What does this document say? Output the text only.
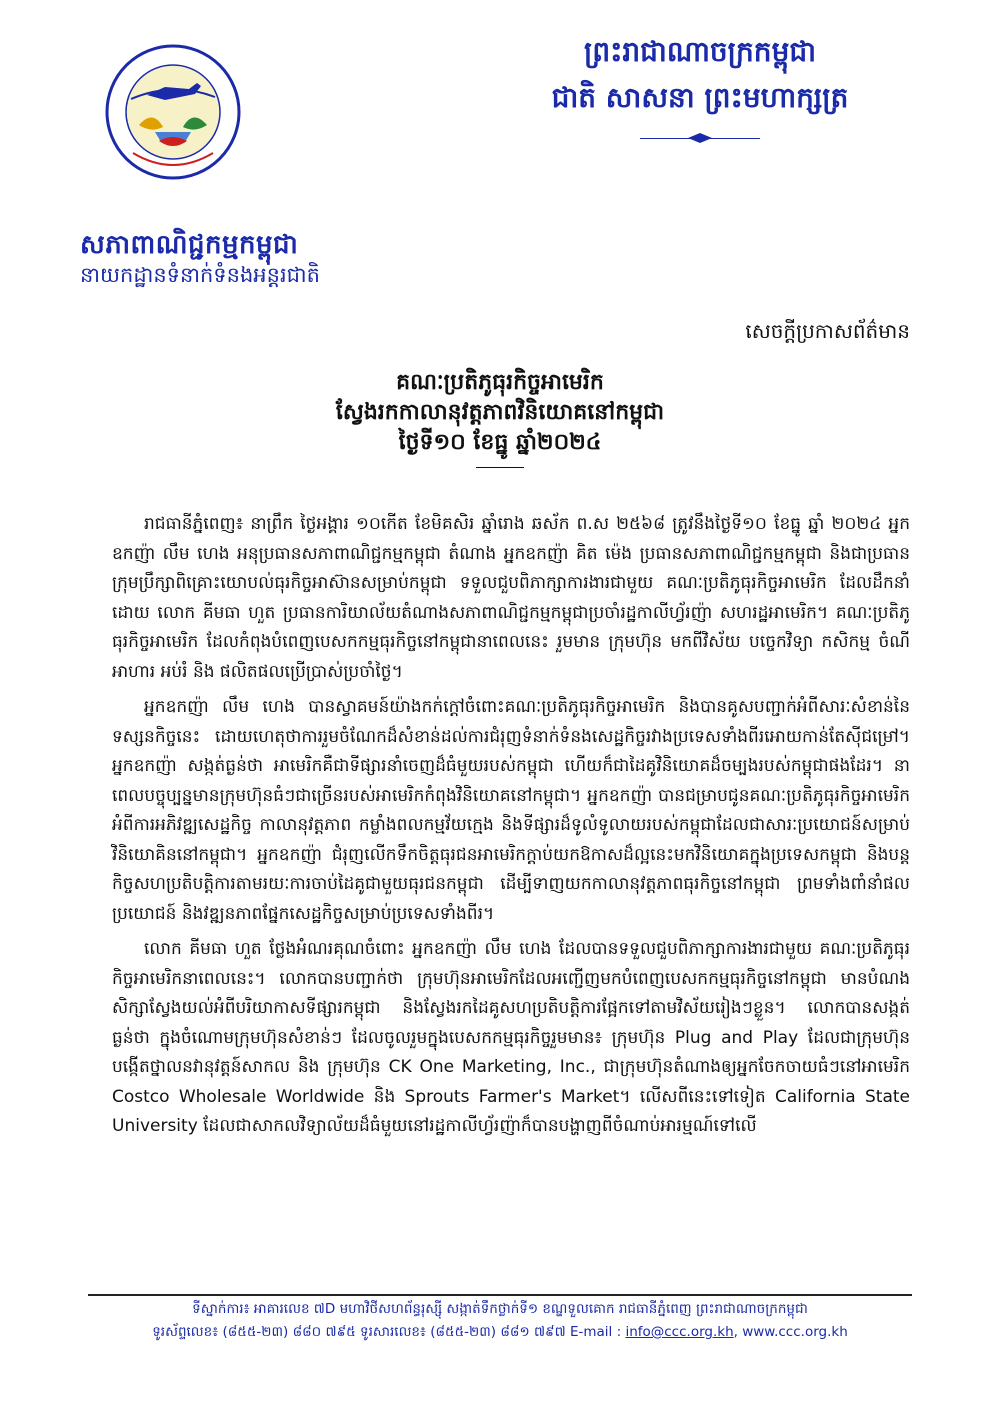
ព្រះរាជាណាចក្រកម្ពុជា
ជាតិ សាសនា ព្រះមហាក្សត្រ
សភាពាណិជ្ជកម្មកម្ពុជា
នាយកដ្ឋានទំនាក់ទំនងអន្តរជាតិ
សេចក្តីប្រកាសព័ត៌មាន
គណៈប្រតិភូធុរកិច្ចអាមេរិក
ស្វែងរកកាលានុវត្តភាពវិនិយោគនៅកម្ពុជា
ថ្ងៃទី១០ ខែធ្នូ ឆ្នាំ២០២៤

រាជធានីភ្នំពេញ៖ នាព្រឹក ថ្ងៃអង្គារ ១០កើត ខែមិគសិរ ឆ្នាំរោង ឆស័ក ព.ស ២៥៦៨ ត្រូវនឹងថ្ងៃទី១០ ខែធ្នូ ឆ្នាំ ២០២៤ អ្នកឧកញ៉ា លឹម ហេង អនុប្រធានសភាពាណិជ្ជកម្មកម្ពុជា តំណាង អ្នកឧកញ៉ា គិត ម៉េង ប្រធានសភាពាណិជ្ជកម្មកម្ពុជា និងជាប្រធានក្រុមប្រឹក្សាពិគ្រោះយោបល់ធុរកិច្ចអាស៊ានសម្រាប់កម្ពុជា ទទួលជួបពិភាក្សាការងារជាមួយ គណៈប្រតិភូធុរកិច្ចអាមេរិក ដែលដឹកនាំដោយ លោក គីមធា ហួត ប្រធានការិយាល័យតំណាងសភាពាណិជ្ជកម្មកម្ពុជាប្រចាំរដ្ឋកាលីហ្វ័រញ៉ា សហរដ្ឋអាមេរិក។ គណៈប្រតិភូធុរកិច្ចអាមេរិក ដែលកំពុងបំពេញបេសកកម្មធុរកិច្ចនៅកម្ពុជានាពេលនេះ រួមមាន ក្រុមហ៊ុន មកពីវិស័យ បច្ចេកវិទ្យា កសិកម្ម ចំណីអាហារ អប់រំ និង ផលិតផលប្រើប្រាស់ប្រចាំថ្ងៃ។

អ្នកឧកញ៉ា លឹម ហេង បានស្វាគមន៍យ៉ាងកក់ក្តៅចំពោះគណៈប្រតិភូធុរកិច្ចអាមេរិក និងបានគូសបញ្ជាក់អំពីសារៈសំខាន់នៃទស្សនកិច្ចនេះ ដោយហេតុថាការរួមចំណែកដ៏សំខាន់ដល់ការជំរុញទំនាក់ទំនងសេដ្ឋកិច្ចរវាងប្រទេសទាំងពីរអោយកាន់តែស៊ីជម្រៅ។ អ្នកឧកញ៉ា សង្កត់ធ្ងន់ថា អាមេរិកគឺជាទីផ្សារនាំចេញដ៏ធំមួយរបស់កម្ពុជា ហើយក៏ជាដៃគូវិនិយោគដ៏ចម្បងរបស់កម្ពុជាផងដែរ។ នាពេលបច្ចុប្បន្នមានក្រុមហ៊ុនធំៗជាច្រើនរបស់អាមេរិកកំពុងវិនិយោគនៅកម្ពុជា។ អ្នកឧកញ៉ា បានជម្រាបជូនគណៈប្រតិភូធុរកិច្ចអាមេរិកអំពីការអភិវឌ្ឍសេដ្ឋកិច្ច កាលានុវត្តភាព កម្លាំងពលកម្មវ័យក្មេង និងទីផ្សារដ៏ទូលំទូលាយរបស់កម្ពុជាដែលជាសារៈប្រយោជន៍សម្រាប់វិនិយោគិននៅកម្ពុជា។ អ្នកឧកញ៉ា ជំរុញលើកទឹកចិត្តធុរជនអាមេរិកក្តាប់យកឱកាសដ៏ល្អនេះមកវិនិយោគក្នុងប្រទេសកម្ពុជា និងបន្តកិច្ចសហប្រតិបត្តិការតាមរយៈការចាប់ដៃគូជាមួយធុរជនកម្ពុជា ដើម្បីទាញយកកាលានុវត្តភាពធុរកិច្ចនៅកម្ពុជា ព្រមទាំងពាំនាំផលប្រយោជន៍ និងវឌ្ឍនភាពផ្នែកសេដ្ឋកិច្ចសម្រាប់ប្រទេសទាំងពីរ។

លោក គីមធា ហួត ថ្លែងអំណរគុណចំពោះ អ្នកឧកញ៉ា លឹម ហេង ដែលបានទទួលជួបពិភាក្សាការងារជាមួយ គណៈប្រតិភូធុរកិច្ចអាមេរិកនាពេលនេះ។ លោកបានបញ្ជាក់ថា ក្រុមហ៊ុនអាមេរិកដែលអញ្ជើញមកបំពេញបេសកកម្មធុរកិច្ចនៅកម្ពុជា មានបំណងសិក្សាស្វែងយល់អំពីបរិយាកាសទីផ្សារកម្ពុជា និងស្វែងរកដៃគូសហប្រតិបត្តិការផ្អែកទៅតាមវិស័យរៀងៗខ្លួន។ លោកបានសង្កត់ធ្ងន់ថា ក្នុងចំណោមក្រុមហ៊ុនសំខាន់ៗ ដែលចូលរួមក្នុងបេសកកម្មធុរកិច្ចរួមមាន៖ ក្រុមហ៊ុន Plug and Play ដែលជាក្រុមហ៊ុនបង្កើតថ្នាលនវានុវត្តន៍សាកល និង ក្រុមហ៊ុន CK One Marketing, Inc., ជាក្រុមហ៊ុនតំណាងឲ្យអ្នកចែកចាយធំៗនៅអាមេរិក Costco Wholesale Worldwide និង Sprouts Farmer's Market។ លើសពីនេះទៅទៀត California State University ដែលជាសាកលវិទ្យាល័យដ៏ធំមួយនៅរដ្ឋកាលីហ្វ័រញ៉ាក៏បានបង្ហាញពីចំណាប់អារម្មណ៍ទៅលើ

ទីស្នាក់ការ៖ អាគារលេខ ៧D មហាវិថីសហព័ន្ធរុស្ស៊ី សង្កាត់ទឹកថ្លាក់ទី១ ខណ្ឌទួលគោក រាជធានីភ្នំពេញ ព្រះរាជាណាចក្រកម្ពុជា
ទូរស័ព្ទលេខ៖ (៨៥៥-២៣) ៨៨០ ៧៩៥ ទូរសារលេខ៖ (៨៥៥-២៣) ៨៨១ ៧៩៧ E-mail : info@ccc.org.kh, www.ccc.org.kh
